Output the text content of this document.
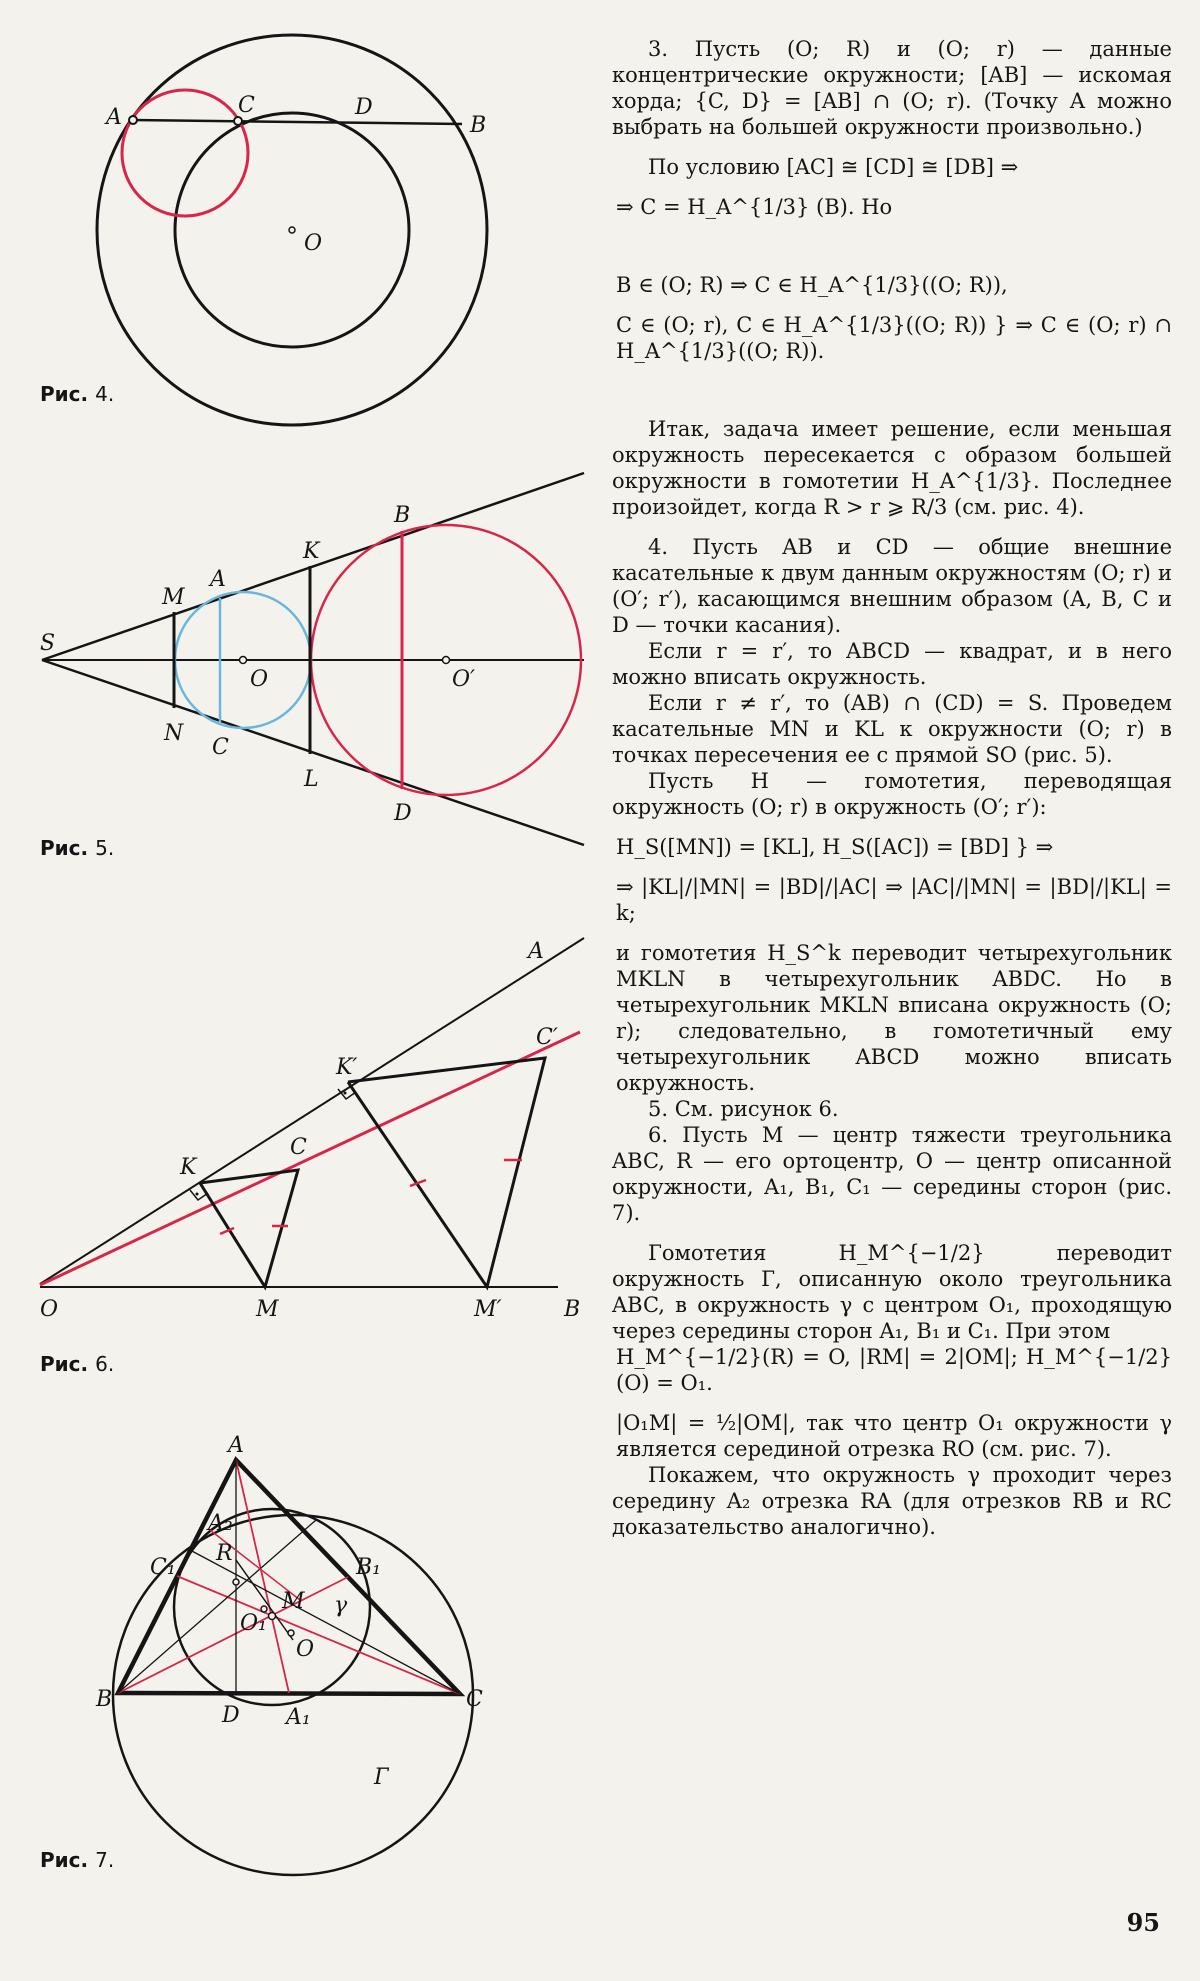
A	C	D
B
O
S
M
A
K
B
O	O′
N
C
L
D
A
C′
K′
K
C
O	M	M′	B
A
A₂
R
C₁	B₁
M
O₁
γ
O
B
D A₁
C
Г
Рис. 4.
Рис. 5.
Рис. 6.
Рис. 7.

3. Пусть (O; R) и (O; r) — данные концентрические окружности; [AB] — искомая хорда; {C, D} = [AB] ∩ (O; r). (Точку A можно выбрать на большей окружности произвольно.)

По условию [AC] ≅ [CD] ≅ [DB] ⇒

⇒ C = H_A^{1/3} (B). Но

B ∈ (O; R) ⇒ C ∈ H_A^{1/3}((O; R)),

C ∈ (O; r), C ∈ H_A^{1/3}((O; R)) } ⇒ C ∈ (O; r) ∩ H_A^{1/3}((O; R)).

Итак, задача имеет решение, если меньшая окружность пересекается с образом большей окружности в гомотетии H_A^{1/3}. Последнее произойдет, когда R > r ⩾ R/3 (см. рис. 4).

4. Пусть AB и CD — общие внешние касательные к двум данным окружностям (O; r) и (O′; r′), касающимся внешним образом (A, B, C и D — точки касания).

Если r = r′, то ABCD — квадрат, и в него можно вписать окружность.

Если r ≠ r′, то (AB) ∩ (CD) = S. Проведем касательные MN и KL к окружности (O; r) в точках пересечения ее с прямой SO (рис. 5).

Пусть H — гомотетия, переводящая окружность (O; r) в окружность (O′; r′):

H_S([MN]) = [KL], H_S([AC]) = [BD] } ⇒

⇒ |KL|/|MN| = |BD|/|AC| ⇒ |AC|/|MN| = |BD|/|KL| = k;

и гомотетия H_S^k переводит четырехугольник MKLN в четырехугольник ABDC. Но в четырехугольник MKLN вписана окружность (O; r); следовательно, в гомотетичный ему четырехугольник ABCD можно вписать окружность.

5. См. рисунок 6.

6. Пусть M — центр тяжести треугольника ABC, R — его ортоцентр, O — центр описанной окружности, A₁, B₁, C₁ — середины сторон (рис. 7).

Гомотетия H_M^{−1/2} переводит окружность Г, описанную около треугольника ABC, в окружность γ с центром O₁, проходящую через середины сторон A₁, B₁ и C₁. При этом

H_M^{−1/2}(R) = O, |RM| = 2|OM|; H_M^{−1/2}(O) = O₁.

|O₁M| = ½|OM|, так что центр O₁ окружности γ является серединой отрезка RO (см. рис. 7).

Покажем, что окружность γ проходит через середину A₂ отрезка RA (для отрезков RB и RC доказательство аналогично).

95
